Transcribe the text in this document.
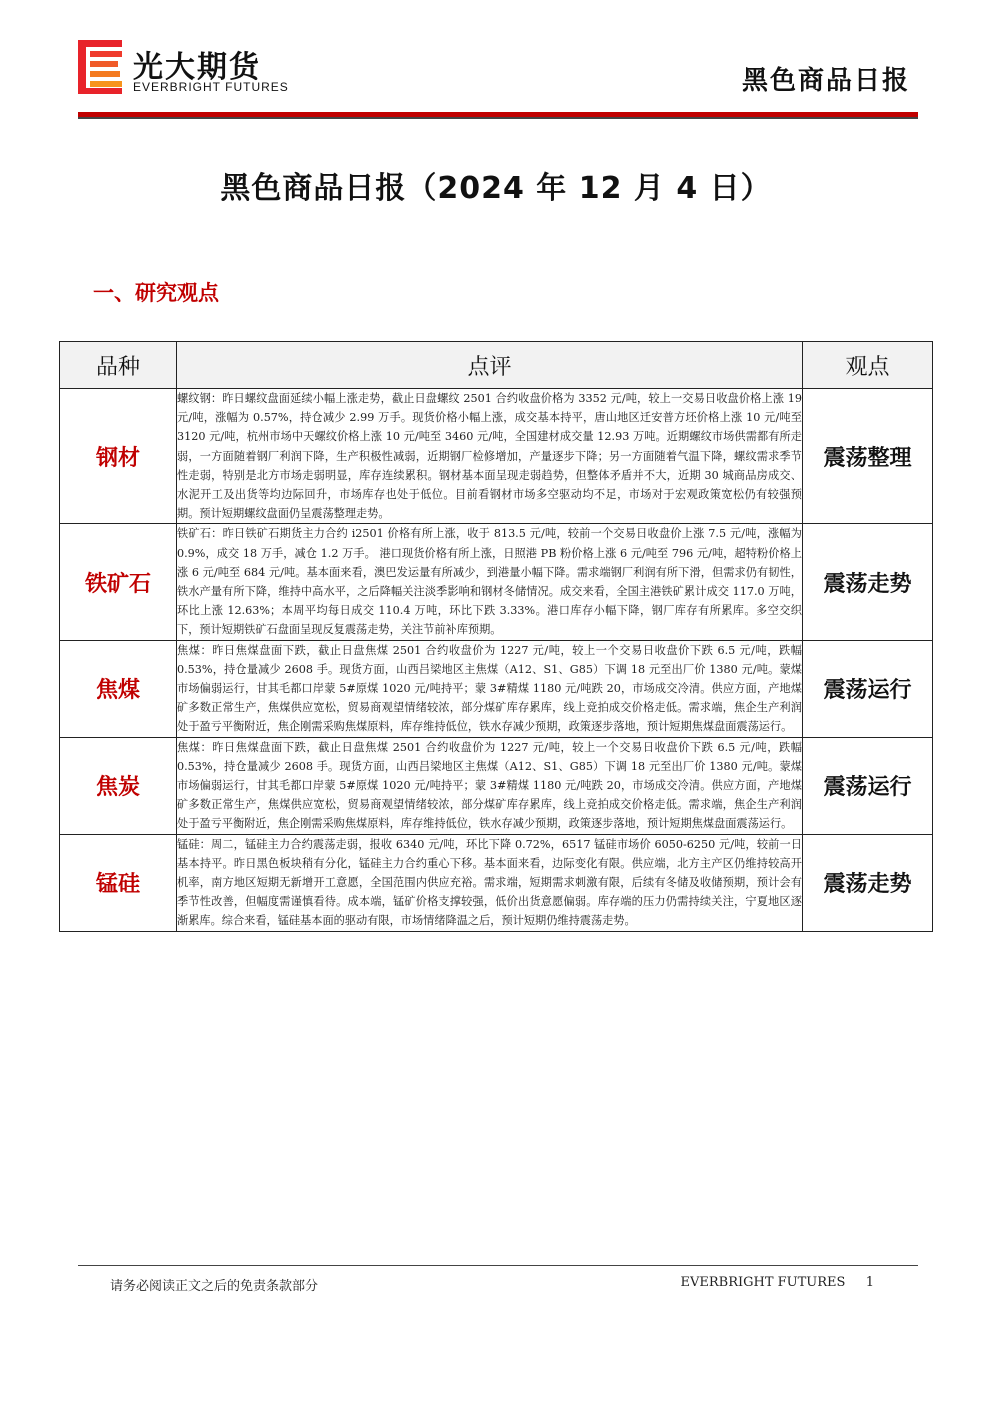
光大期货
EVERBRIGHT FUTURES	黑色商品日报
黑色商品日报（2024 年 12 月 4 日）
一、研究观点
品种	点评	观点
钢材	螺纹钢：昨日螺纹盘面延续小幅上涨走势，截止日盘螺纹 2501 合约收盘价格为 3352 元/吨，较上一交易日收盘价格上涨 19 元/吨，涨幅为 0.57%，持仓减少 2.99 万手。现货价格小幅上涨，成交基本持平，唐山地区迁安普方坯价格上涨 10 元/吨至 3120 元/吨，杭州市场中天螺纹价格上涨 10 元/吨至 3460 元/吨，全国建材成交量 12.93 万吨。近期螺纹市场供需都有所走弱，一方面随着钢厂利润下降，生产积极性减弱，近期钢厂检修增加，产量逐步下降；另一方面随着气温下降，螺纹需求季节性走弱，特别是北方市场走弱明显，库存连续累积。钢材基本面呈现走弱趋势，但整体矛盾并不大，近期 30 城商品房成交、水泥开工及出货等均边际回升，市场库存也处于低位。目前看钢材市场多空驱动均不足，市场对于宏观政策宽松仍有较强预期。预计短期螺纹盘面仍呈震荡整理走势。	震荡整理
铁矿石	铁矿石：昨日铁矿石期货主力合约 i2501 价格有所上涨，收于 813.5 元/吨，较前一个交易日收盘价上涨 7.5 元/吨，涨幅为 0.9%，成交 18 万手，减仓 1.2 万手。 港口现货价格有所上涨，日照港 PB 粉价格上涨 6 元/吨至 796 元/吨，超特粉价格上涨 6 元/吨至 684 元/吨。基本面来看，澳巴发运量有所减少，到港量小幅下降。需求端钢厂利润有所下滑，但需求仍有韧性，铁水产量有所下降，维持中高水平，之后降幅关注淡季影响和钢材冬储情况。成交来看，全国主港铁矿累计成交 117.0 万吨，环比上涨 12.63%；本周平均每日成交 110.4 万吨，环比下跌 3.33%。港口库存小幅下降，钢厂库存有所累库。多空交织下，预计短期铁矿石盘面呈现反复震荡走势，关注节前补库预期。	震荡走势
焦煤	焦煤：昨日焦煤盘面下跌，截止日盘焦煤 2501 合约收盘价为 1227 元/吨，较上一个交易日收盘价下跌 6.5 元/吨，跌幅 0.53%，持仓量减少 2608 手。现货方面，山西吕梁地区主焦煤（A12、S1、G85）下调 18 元至出厂价 1380 元/吨。蒙煤市场偏弱运行，甘其毛都口岸蒙 5#原煤 1020 元/吨持平；蒙 3#精煤 1180 元/吨跌 20，市场成交冷清。供应方面，产地煤矿多数正常生产，焦煤供应宽松，贸易商观望情绪较浓，部分煤矿库存累库，线上竞拍成交价格走低。需求端，焦企生产利润处于盈亏平衡附近，焦企刚需采购焦煤原料，库存维持低位，铁水存减少预期，政策逐步落地，预计短期焦煤盘面震荡运行。	震荡运行
焦炭	焦煤：昨日焦煤盘面下跌，截止日盘焦煤 2501 合约收盘价为 1227 元/吨，较上一个交易日收盘价下跌 6.5 元/吨，跌幅 0.53%，持仓量减少 2608 手。现货方面，山西吕梁地区主焦煤（A12、S1、G85）下调 18 元至出厂价 1380 元/吨。蒙煤市场偏弱运行，甘其毛都口岸蒙 5#原煤 1020 元/吨持平；蒙 3#精煤 1180 元/吨跌 20，市场成交冷清。供应方面，产地煤矿多数正常生产，焦煤供应宽松，贸易商观望情绪较浓，部分煤矿库存累库，线上竞拍成交价格走低。需求端，焦企生产利润处于盈亏平衡附近，焦企刚需采购焦煤原料，库存维持低位，铁水存减少预期，政策逐步落地，预计短期焦煤盘面震荡运行。	震荡运行
锰硅	锰硅：周二，锰硅主力合约震荡走弱，报收 6340 元/吨，环比下降 0.72%，6517 锰硅市场价 6050-6250 元/吨，较前一日基本持平。昨日黑色板块稍有分化，锰硅主力合约重心下移。基本面来看，边际变化有限。供应端，北方主产区仍维持较高开机率，南方地区短期无新增开工意愿，全国范围内供应充裕。需求端，短期需求刺激有限，后续有冬储及收储预期，预计会有季节性改善，但幅度需谨慎看待。成本端，锰矿价格支撑较强，低价出货意愿偏弱。库存端的压力仍需持续关注，宁夏地区逐渐累库。综合来看，锰硅基本面的驱动有限，市场情绪降温之后，预计短期仍维持震荡走势。	震荡走势
请务必阅读正文之后的免责条款部分	EVERBRIGHT FUTURES 1
